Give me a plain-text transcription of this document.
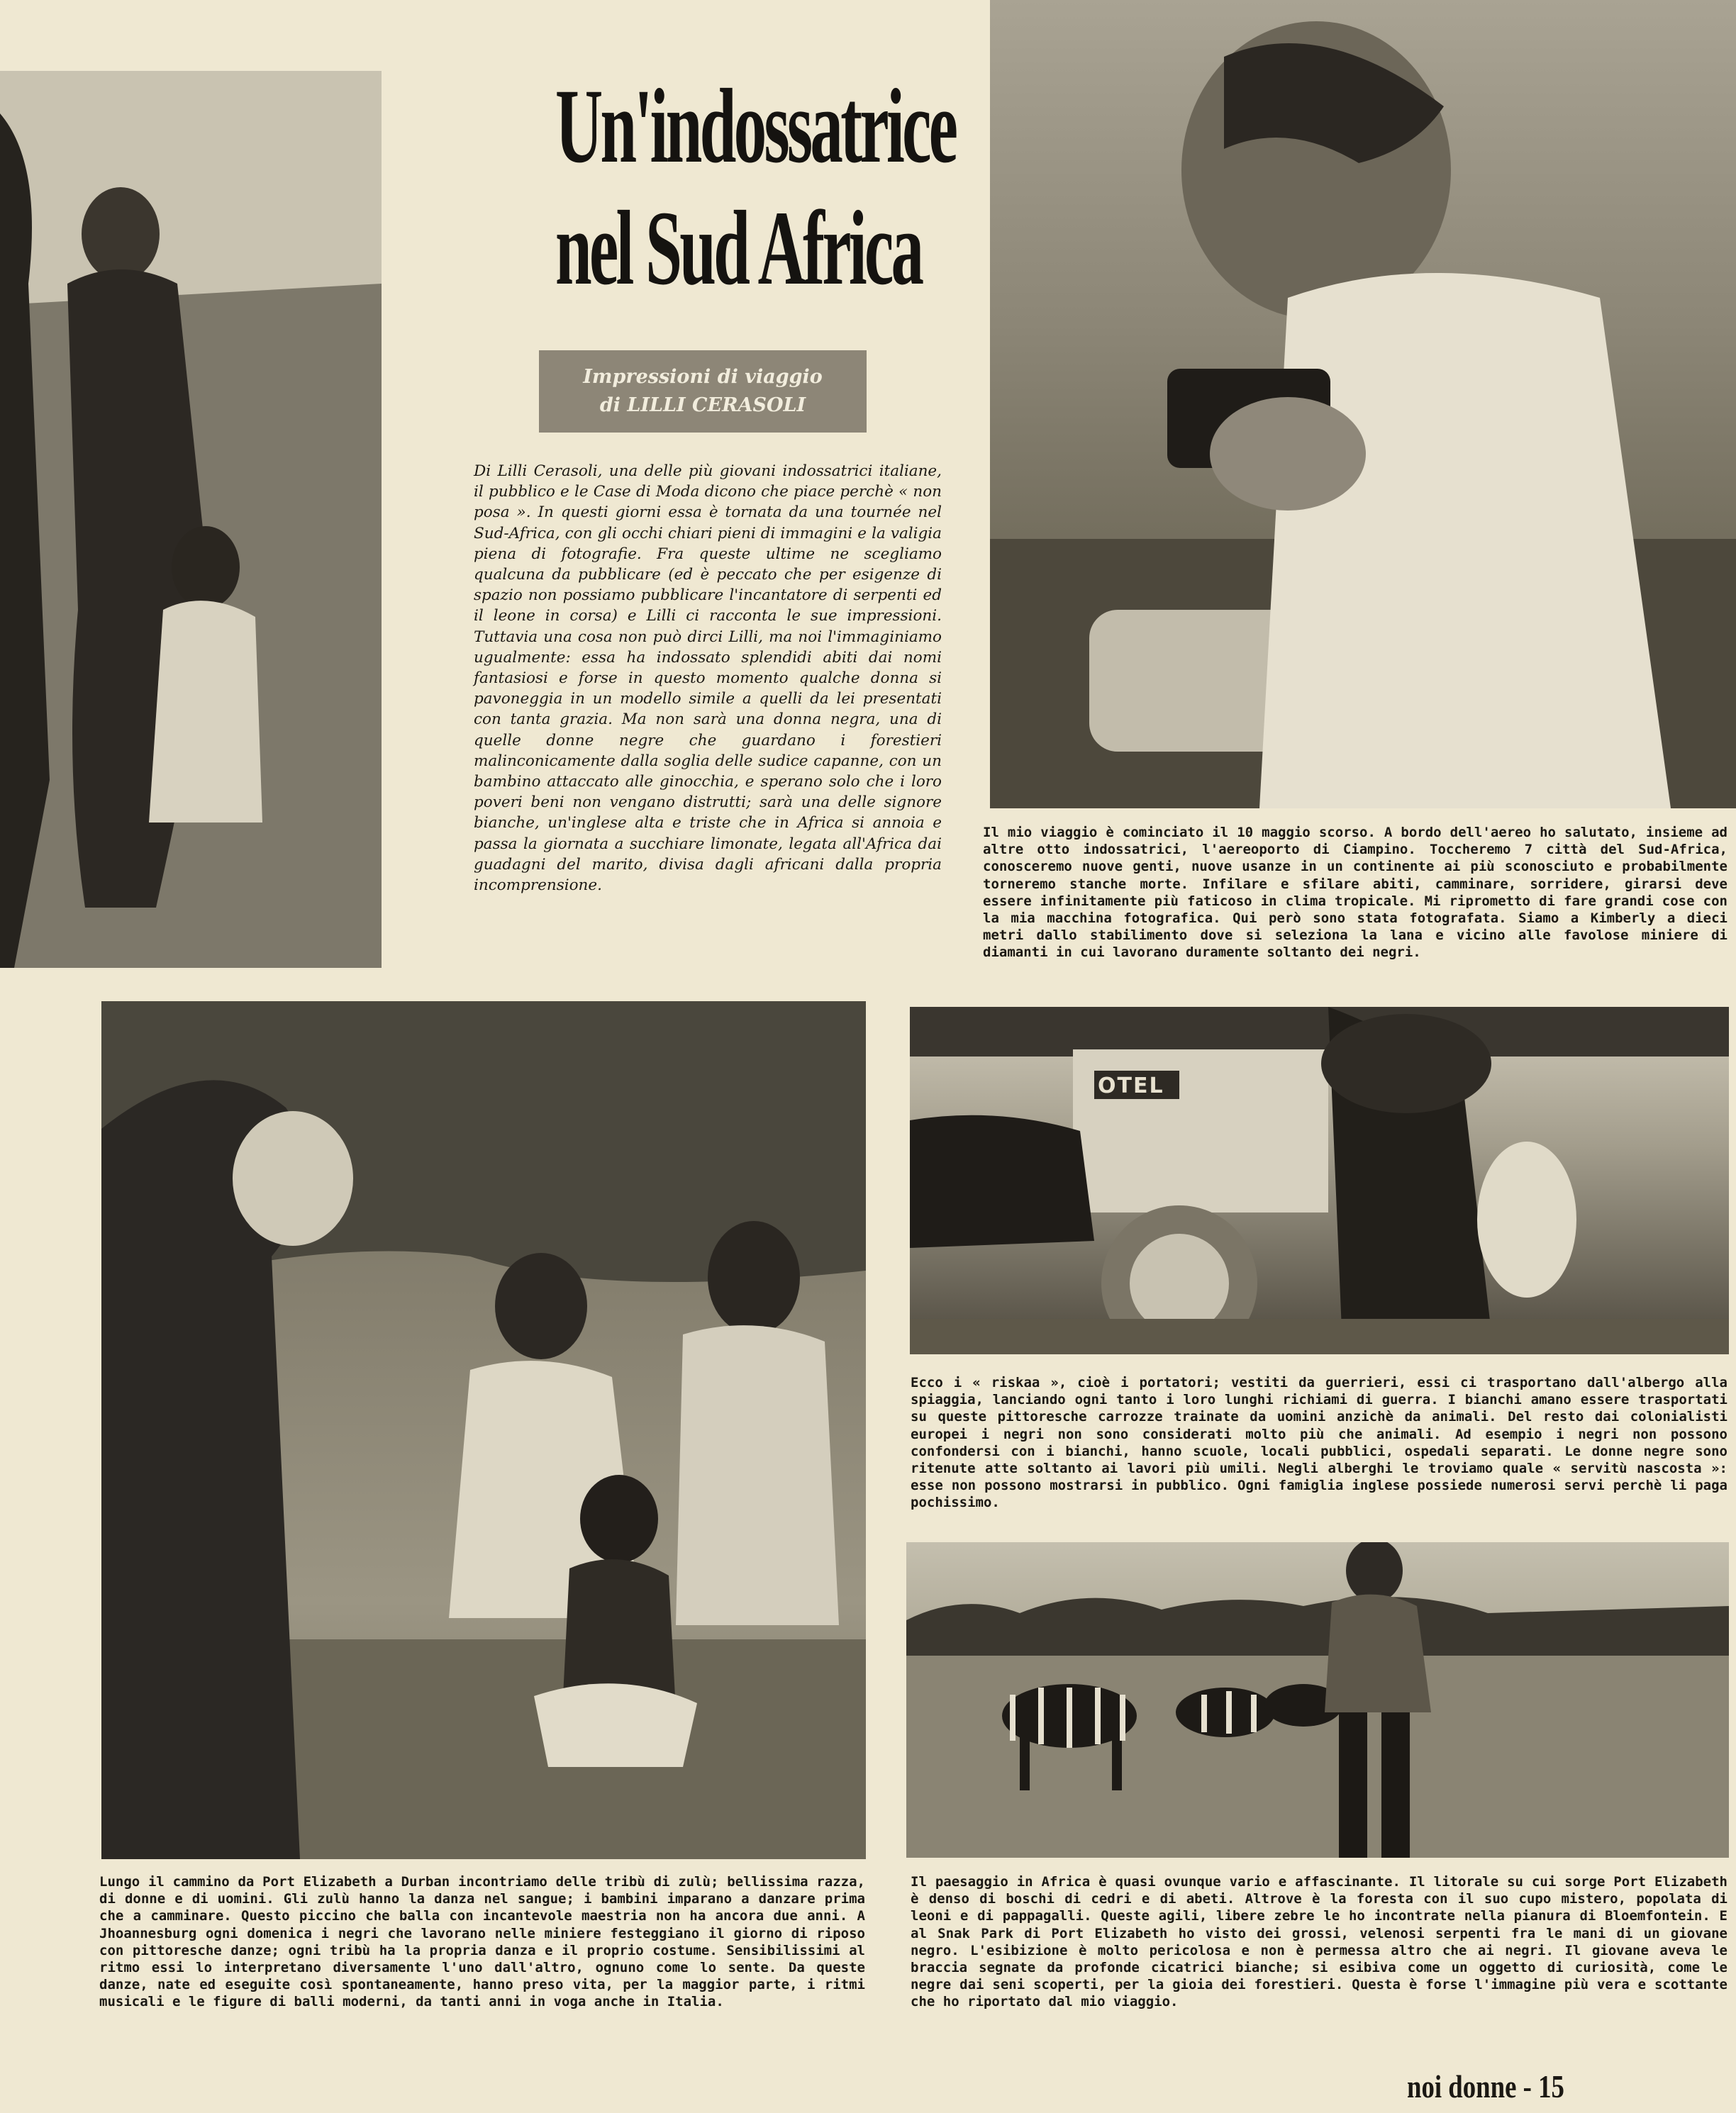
Un'indossatrice
nel Sud Africa
Impressioni di viaggio
di LILLI CERASOLI
Di Lilli Cerasoli, una delle più giovani indossatrici italiane, il pubblico e le Case di Moda dicono che piace perchè « non posa ». In questi giorni essa è tornata da una tournée nel Sud-Africa, con gli occhi chiari pieni di immagini e la valigia piena di fotografie. Fra queste ultime ne scegliamo qualcuna da pubblicare (ed è peccato che per esigenze di spazio non possiamo pubblicare l'incantatore di serpenti ed il leone in corsa) e Lilli ci racconta le sue impressioni. Tuttavia una cosa non può dirci Lilli, ma noi l'immaginiamo ugualmente: essa ha indossato splendidi abiti dai nomi fantasiosi e forse in questo momento qualche donna si pavoneggia in un modello simile a quelli da lei presentati con tanta grazia. Ma non sarà una donna negra, una di quelle donne negre che guardano i forestieri malinconicamente dalla soglia delle sudice capanne, con un bambino attaccato alle ginocchia, e sperano solo che i loro poveri beni non vengano distrutti; sarà una delle signore bianche, un'inglese alta e triste che in Africa si annoia e passa la giornata a succhiare limonate, legata all'Africa dai guadagni del marito, divisa dagli africani dalla propria incomprensione.
Il mio viaggio è cominciato il 10 maggio scorso. A bordo dell'aereo ho salutato, insieme ad altre otto indossatrici, l'aereoporto di Ciampino. Toccheremo 7 città del Sud-Africa, conosceremo nuove genti, nuove usanze in un continente ai più sconosciuto e probabilmente torneremo stanche morte. Infilare e sfilare abiti, camminare, sorridere, girarsi deve essere infinitamente più faticoso in clima tropicale. Mi riprometto di fare grandi cose con la mia macchina fotografica. Qui però sono stata fotografata. Siamo a Kimberly a dieci metri dallo stabilimento dove si seleziona la lana e vicino alle favolose miniere di diamanti in cui lavorano duramente soltanto dei negri.
Lungo il cammino da Port Elizabeth a Durban incontriamo delle tribù di zulù; bellissima razza, di donne e di uomini. Gli zulù hanno la danza nel sangue; i bambini imparano a danzare prima che a camminare. Questo piccino che balla con incantevole maestria non ha ancora due anni. A Jhoannesburg ogni domenica i negri che lavorano nelle miniere festeggiano il giorno di riposo con pittoresche danze; ogni tribù ha la propria danza e il proprio costume. Sensibilissimi al ritmo essi lo interpretano diversamente l'uno dall'altro, ognuno come lo sente. Da queste danze, nate ed eseguite così spontaneamente, hanno preso vita, per la maggior parte, i ritmi musicali e le figure di balli moderni, da tanti anni in voga anche in Italia.
OTEL
Ecco i « riskaa », cioè i portatori; vestiti da guerrieri, essi ci trasportano dall'albergo alla spiaggia, lanciando ogni tanto i loro lunghi richiami di guerra. I bianchi amano essere trasportati su queste pittoresche carrozze trainate da uomini anzichè da animali. Del resto dai colonialisti europei i negri non sono considerati molto più che animali. Ad esempio i negri non possono confondersi con i bianchi, hanno scuole, locali pubblici, ospedali separati. Le donne negre sono ritenute atte soltanto ai lavori più umili. Negli alberghi le troviamo quale « servitù nascosta »: esse non possono mostrarsi in pubblico. Ogni famiglia inglese possiede numerosi servi perchè li paga pochissimo.
Il paesaggio in Africa è quasi ovunque vario e affascinante. Il litorale su cui sorge Port Elizabeth è denso di boschi di cedri e di abeti. Altrove è la foresta con il suo cupo mistero, popolata di leoni e di pappagalli. Queste agili, libere zebre le ho incontrate nella pianura di Bloemfontein. E al Snak Park di Port Elizabeth ho visto dei grossi, velenosi serpenti fra le mani di un giovane negro. L'esibizione è molto pericolosa e non è permessa altro che ai negri. Il giovane aveva le braccia segnate da profonde cicatrici bianche; si esibiva come un oggetto di curiosità, come le negre dai seni scoperti, per la gioia dei forestieri. Questa è forse l'immagine più vera e scottante che ho riportato dal mio viaggio.
noi donne - 15
